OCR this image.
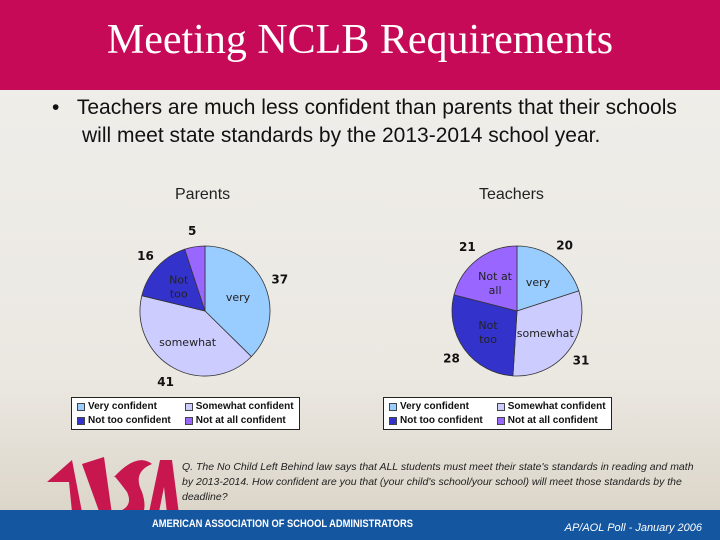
Meeting NCLB Requirements
•   Teachers are much less confident than parents that their schools will meet state standards by the 2013-2014 school year.
Parents	Teachers
37
very
41
somewhat
16
Not
too
5
20
very
31
somewhat
28
Not
too
21
Not at
all
Very confident	Somewhat confident
Not too confident	Not at all confident
Very confident	Somewhat confident
Not too confident	Not at all confident
Q. The No Child Left Behind law says that ALL students must meet their state's standards in reading and math by 2013-2014. How confident are you that (your child's school/your school) will meet those standards by the deadline?
AMERICAN ASSOCIATION OF SCHOOL ADMINISTRATORS	AP/AOL Poll - January 2006
